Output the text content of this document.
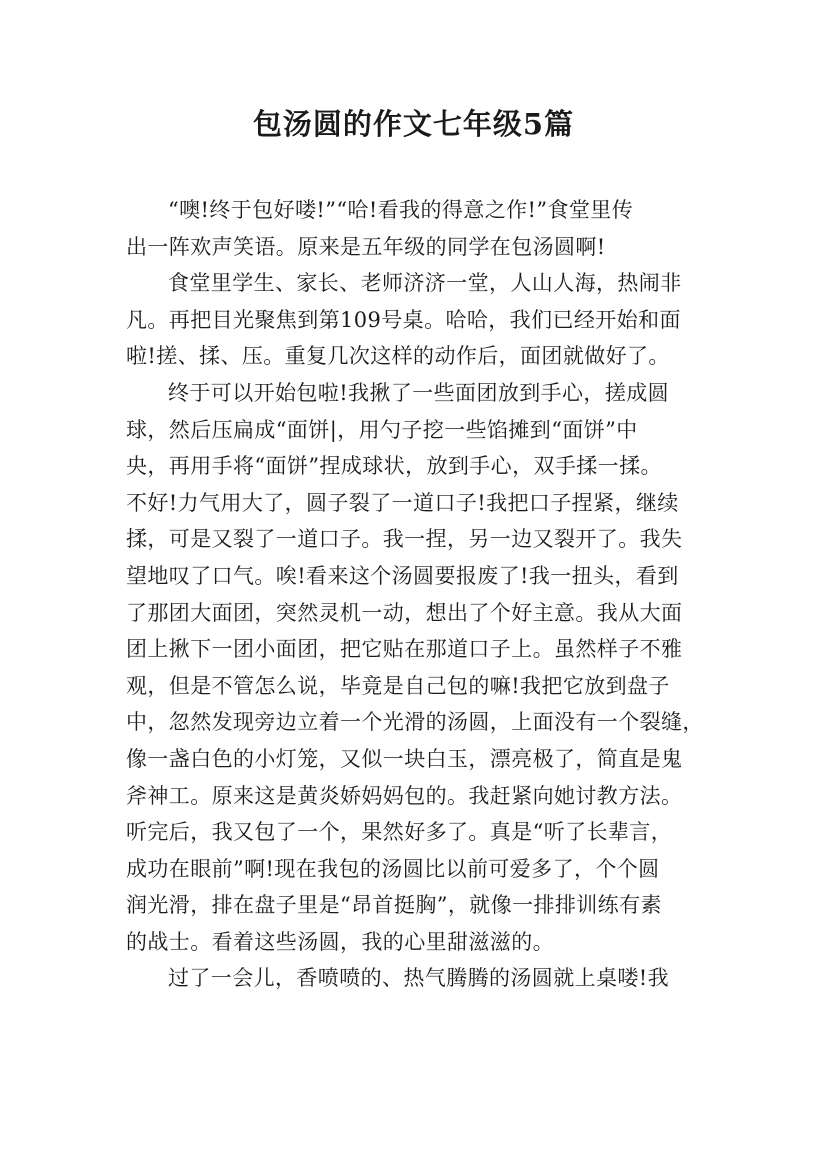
包汤圆的作文七年级5篇

“噢!终于包好喽!”“哈!看我的得意之作!”食堂里传
出一阵欢声笑语。原来是五年级的同学在包汤圆啊!

食堂里学生、家长、老师济济一堂，人山人海，热闹非
凡。再把目光聚焦到第109号桌。哈哈，我们已经开始和面
啦!搓、揉、压。重复几次这样的动作后，面团就做好了。

终于可以开始包啦!我揪了一些面团放到手心，搓成圆
球，然后压扁成“面饼|，用勺子挖一些馅摊到“面饼”中
央，再用手将“面饼”捏成球状，放到手心，双手揉一揉。
不好!力气用大了，圆子裂了一道口子!我把口子捏紧，继续
揉，可是又裂了一道口子。我一捏，另一边又裂开了。我失
望地叹了口气。唉!看来这个汤圆要报废了!我一扭头，看到
了那团大面团，突然灵机一动，想出了个好主意。我从大面
团上揪下一团小面团，把它贴在那道口子上。虽然样子不雅
观，但是不管怎么说，毕竟是自己包的嘛!我把它放到盘子
中，忽然发现旁边立着一个光滑的汤圆，上面没有一个裂缝，
像一盏白色的小灯笼，又似一块白玉，漂亮极了，简直是鬼
斧神工。原来这是黄炎娇妈妈包的。我赶紧向她讨教方法。
听完后，我又包了一个，果然好多了。真是“听了长辈言，
成功在眼前”啊!现在我包的汤圆比以前可爱多了，个个圆
润光滑，排在盘子里是“昂首挺胸”，就像一排排训练有素
的战士。看着这些汤圆，我的心里甜滋滋的。

过了一会儿，香喷喷的、热气腾腾的汤圆就上桌喽!我
